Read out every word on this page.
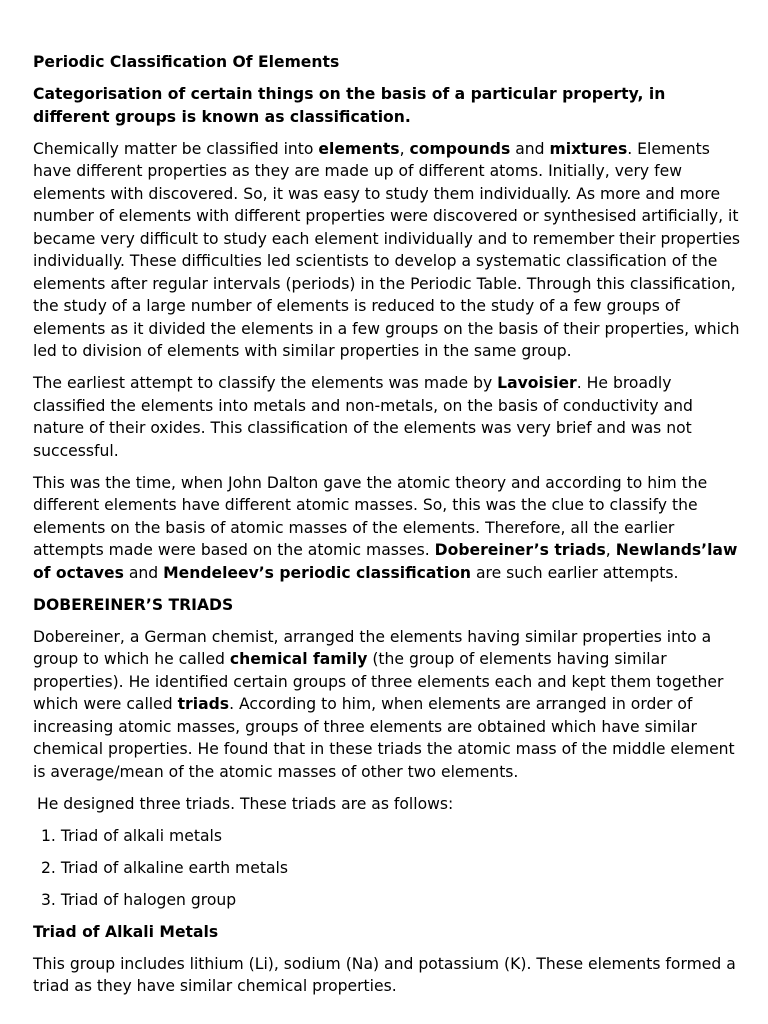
Periodic Classification Of Elements

Categorisation of certain things on the basis of a particular property, in different groups is known as classification.

Chemically matter be classified into elements, compounds and mixtures. Elements have different properties as they are made up of different atoms. Initially, very few elements with discovered. So, it was easy to study them individually. As more and more number of elements with different properties were discovered or synthesised artificially, it became very difficult to study each element individually and to remember their properties individually. These difficulties led scientists to develop a systematic classification of the elements after regular intervals (periods) in the Periodic Table. Through this classification, the study of a large number of elements is reduced to the study of a few groups of elements as it divided the elements in a few groups on the basis of their properties, which led to division of elements with similar properties in the same group.

The earliest attempt to classify the elements was made by Lavoisier. He broadly classified the elements into metals and non-metals, on the basis of conductivity and nature of their oxides. This classification of the elements was very brief and was not successful.

This was the time, when John Dalton gave the atomic theory and according to him the different elements have different atomic masses. So, this was the clue to classify the elements on the basis of atomic masses of the elements. Therefore, all the earlier attempts made were based on the atomic masses. Dobereiner’s triads, Newlands’law of octaves and Mendeleev’s periodic classification are such earlier attempts.

DOBEREINER’S TRIADS

Dobereiner, a German chemist, arranged the elements having similar properties into a group to which he called chemical family (the group of elements having similar properties). He identified certain groups of three elements each and kept them together which were called triads. According to him, when elements are arranged in order of increasing atomic masses, groups of three elements are obtained which have similar chemical properties. He found that in these triads the atomic mass of the middle element is average/mean of the atomic masses of other two elements.

He designed three triads. These triads are as follows:

1. Triad of alkali metals
2. Triad of alkaline earth metals
3. Triad of halogen group

Triad of Alkali Metals

This group includes lithium (Li), sodium (Na) and potassium (K). These elements formed a triad as they have similar chemical properties.
